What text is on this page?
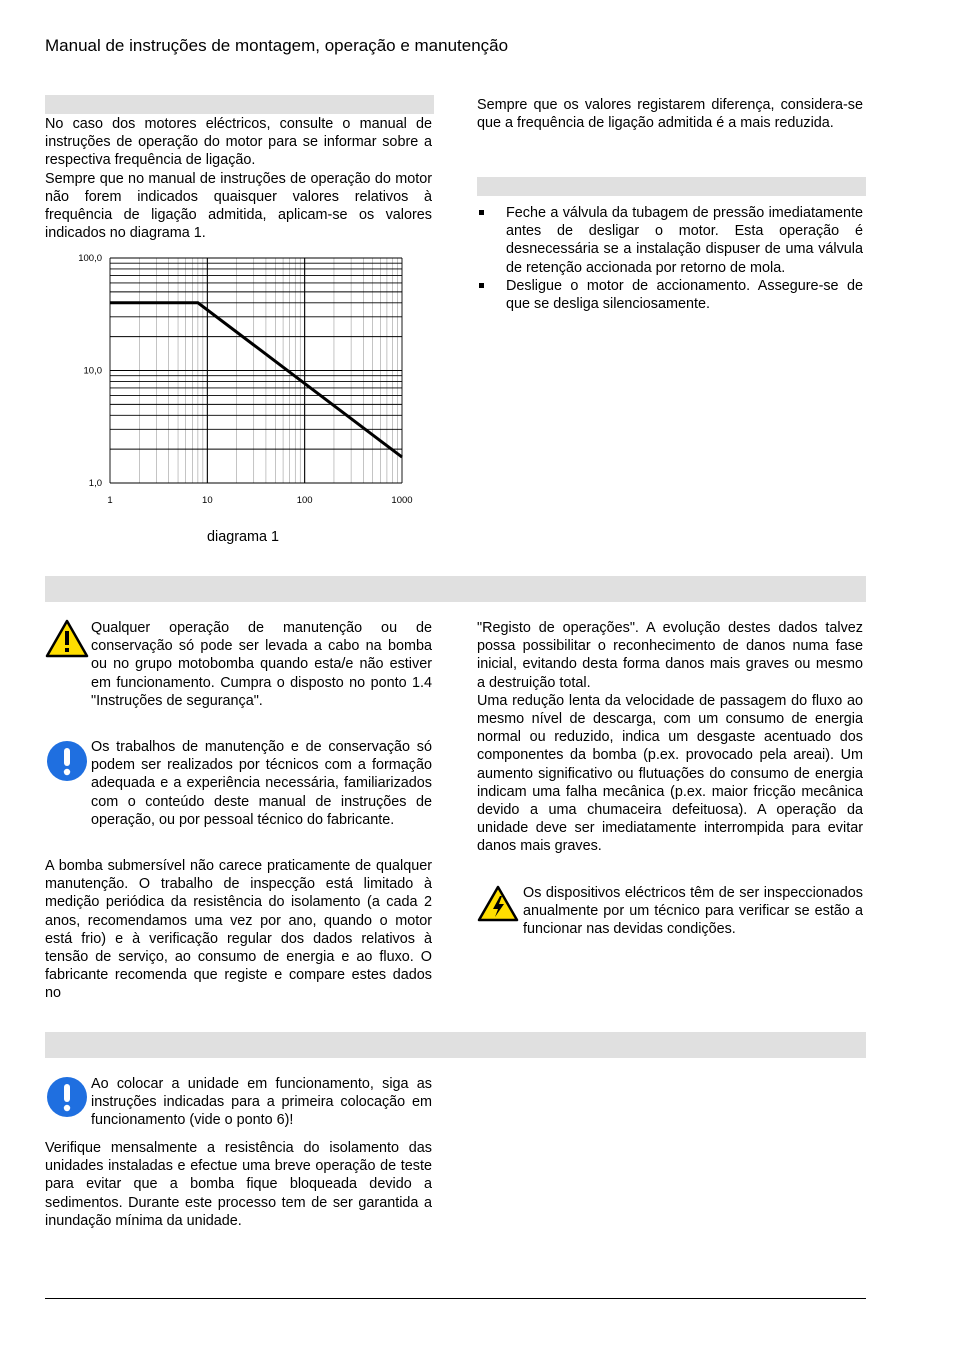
Manual de instruções de montagem, operação e manutenção

No caso dos motores eléctricos, consulte o manual de instruções de operação do motor para se informar sobre a respectiva frequência de ligação.

Sempre que no manual de instruções de operação do motor não forem indicados quaisquer valores relativos à frequência de ligação admitida, aplicam-se os valores indicados no diagrama 1.

1	10	100	1000
1,0
10,0
100,0
diagrama 1
Sempre que os valores registarem diferença, considera-se que a frequência de ligação admitida é a mais reduzida.
Feche a válvula da tubagem de pressão imediatamente antes de desligar o motor. Esta operação é desnecessária se a instalação dispuser de uma válvula de retenção accionada por retorno de mola.
Desligue o motor de accionamento. Assegure-se de que se desliga silenciosamente.
Qualquer operação de manutenção ou de conservação só pode ser levada a cabo na bomba ou no grupo motobomba quando esta/e não estiver em funcionamento. Cumpra o disposto no ponto 1.4 "Instruções de segurança".
Os trabalhos de manutenção e de conservação só podem ser realizados por técnicos com a formação adequada e a experiência necessária, familiarizados com o conteúdo deste manual de instruções de operação, ou por pessoal técnico do fabricante.
A bomba submersível não carece praticamente de qualquer manutenção. O trabalho de inspecção está limitado à medição periódica da resistência do isolamento (a cada 2 anos, recomendamos uma vez por ano, quando o motor está frio) e à verificação regular dos dados relativos à tensão de serviço, ao consumo de energia e ao fluxo. O fabricante recomenda que registe e compare estes dados no

"Registo de operações". A evolução destes dados talvez possa possibilitar o reconhecimento de danos numa fase inicial, evitando desta forma danos mais graves ou mesmo a destruição total.

Uma redução lenta da velocidade de passagem do fluxo ao mesmo nível de descarga, com um consumo de energia normal ou reduzido, indica um desgaste acentuado dos componentes da bomba (p.ex. provocado pela areai). Um aumento significativo ou flutuações do consumo de energia indicam uma falha mecânica (p.ex. maior fricção mecânica devido a uma chumaceira defeituosa). A operação da unidade deve ser imediatamente interrompida para evitar danos mais graves.

Os dispositivos eléctricos têm de ser inspeccionados anualmente por um técnico para verificar se estão a funcionar nas devidas condições.
Ao colocar a unidade em funcionamento, siga as instruções indicadas para a primeira colocação em funcionamento (vide o ponto 6)!
Verifique mensalmente a resistência do isolamento das unidades instaladas e efectue uma breve operação de teste para evitar que a bomba fique bloqueada devido a sedimentos. Durante este processo tem de ser garantida a inundação mínima da unidade.
